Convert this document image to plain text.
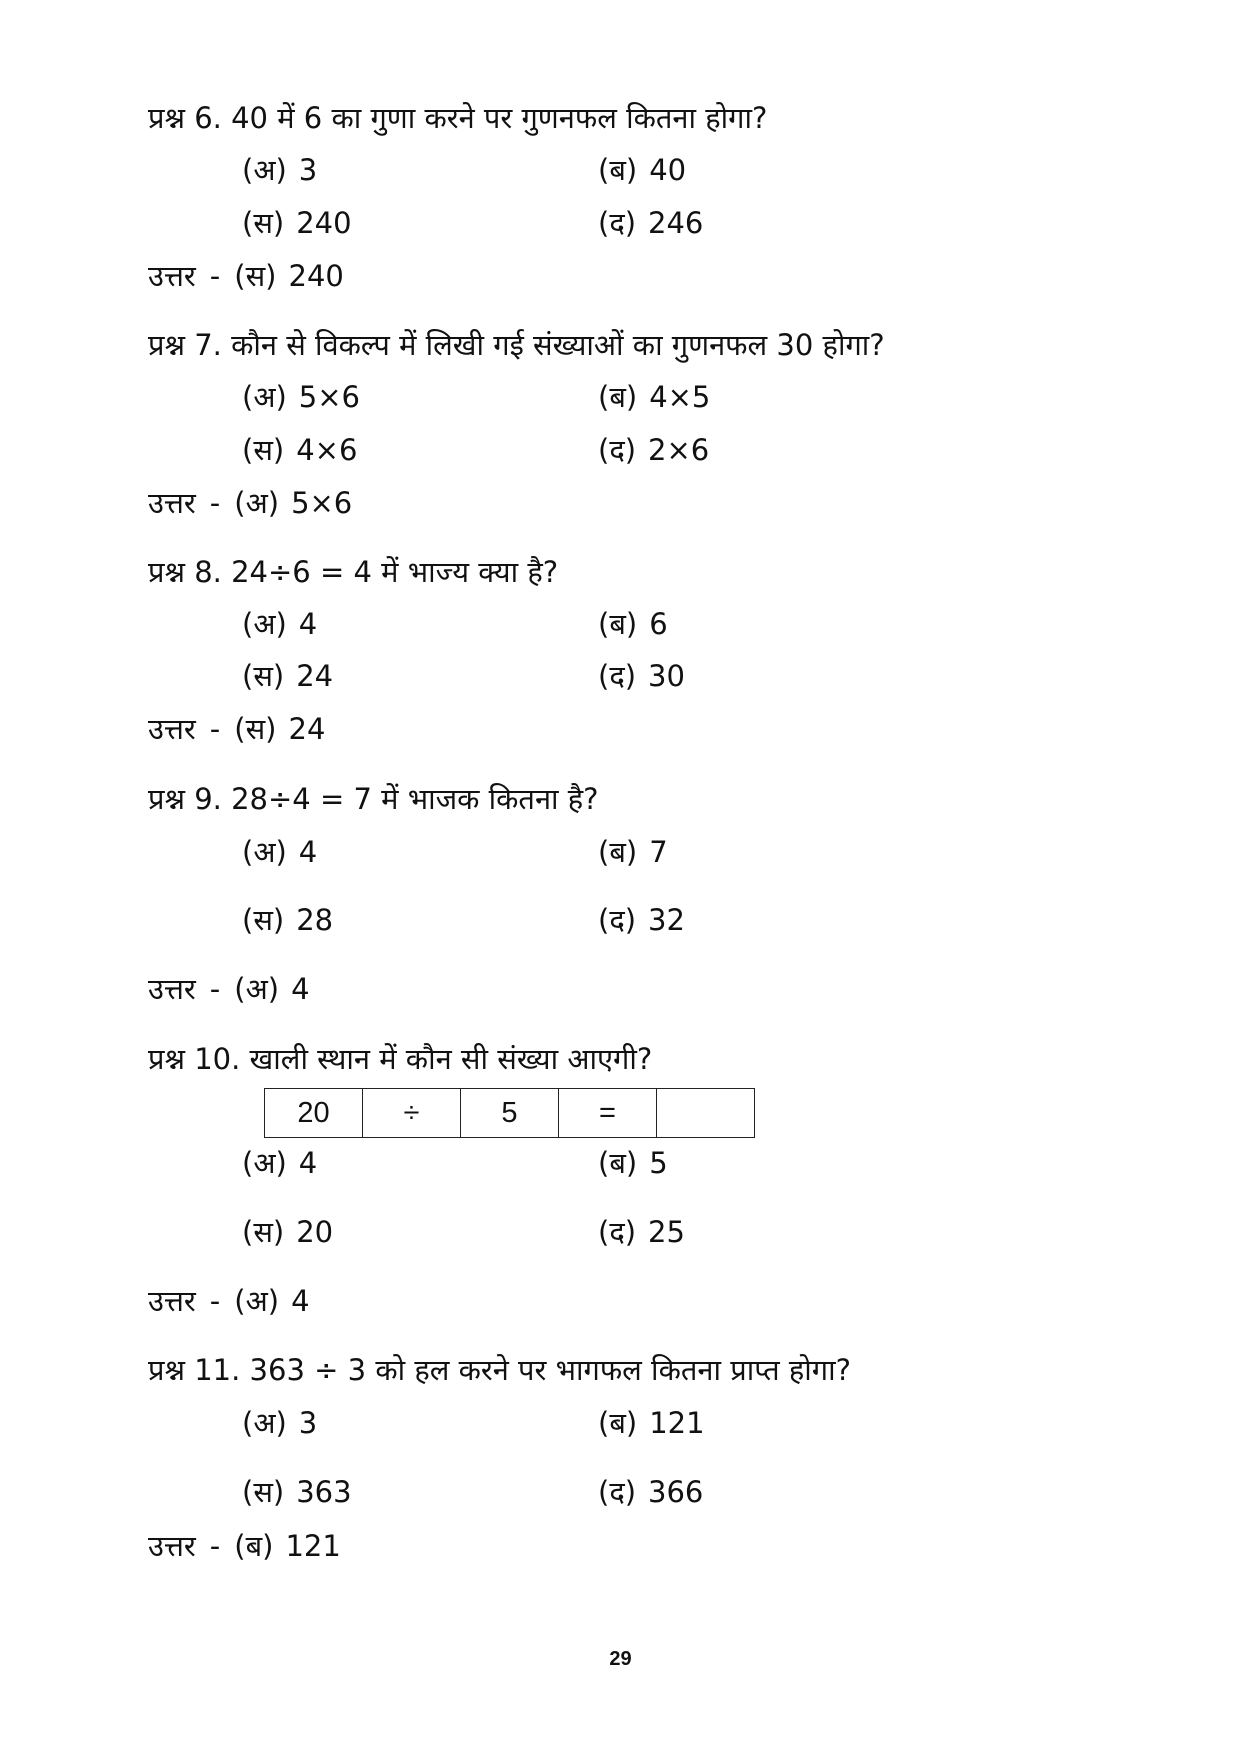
प्रश्न 6. 40 में 6 का गुणा करने पर गुणनफल कितना होगा?
(अ) 3	(ब) 40
(स) 240	(द) 246
उत्तर - (स) 240
प्रश्न 7. कौन से विकल्प में लिखी गई संख्याओं का गुणनफल 30 होगा?
(अ) 5×6	(ब) 4×5
(स) 4×6	(द) 2×6
उत्तर - (अ) 5×6
प्रश्न 8. 24÷6 = 4 में भाज्य क्या है?
(अ) 4	(ब) 6
(स) 24	(द) 30
उत्तर - (स) 24
प्रश्न 9. 28÷4 = 7 में भाजक कितना है?
(अ) 4	(ब) 7
(स) 28	(द) 32
उत्तर - (अ) 4
प्रश्न 10. खाली स्थान में कौन सी संख्या आएगी?
20	÷	5	=	
(अ) 4	(ब) 5
(स) 20	(द) 25
उत्तर - (अ) 4
प्रश्न 11. 363 ÷ 3 को हल करने पर भागफल कितना प्राप्त होगा?
(अ) 3	(ब) 121
(स) 363	(द) 366
उत्तर - (ब) 121
29
